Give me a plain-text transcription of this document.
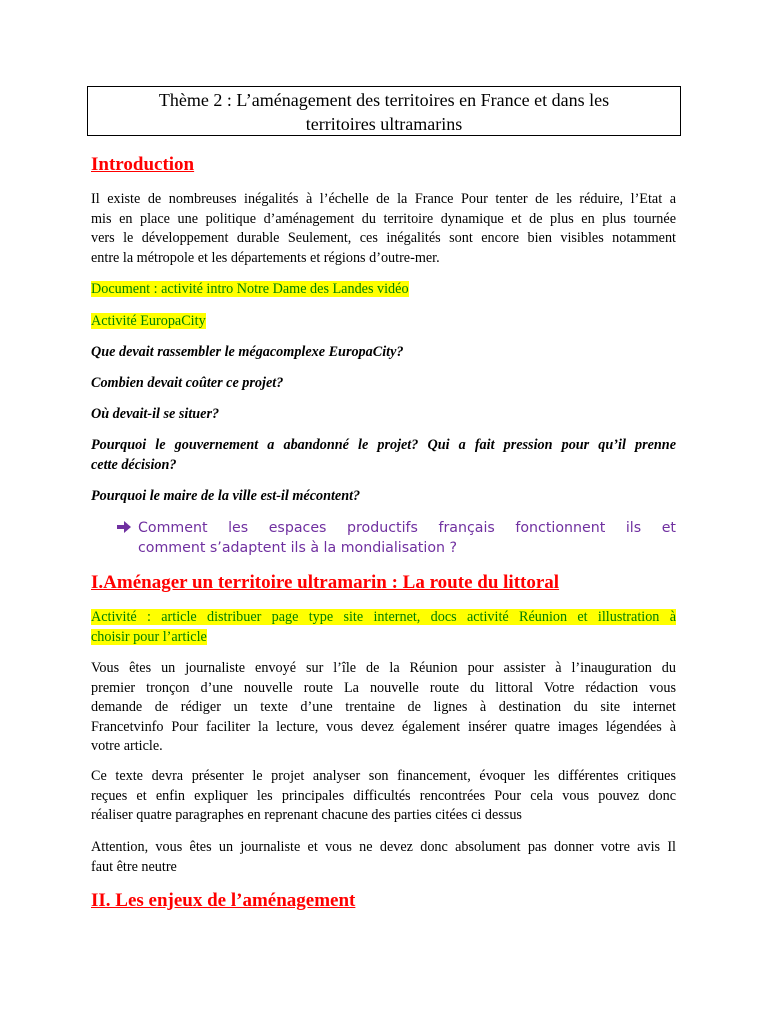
Thème 2 : L’aménagement des territoires en France et dans les
territoires ultramarins
Introduction
Il existe de nombreuses inégalités à l’échelle de la France Pour tenter de les réduire, l’Etat a
mis en place une politique d’aménagement du territoire dynamique et de plus en plus tournée
vers le développement durable Seulement, ces inégalités sont encore bien visibles notamment
entre la métropole et les départements et régions d’outre-mer.
Document : activité intro Notre Dame des Landes vidéo
Activité EuropaCity
Que devait rassembler le mégacomplexe EuropaCity?
Combien devait coûter ce projet?
Où devait-il se situer?
Pourquoi le gouvernement a abandonné le projet? Qui a fait pression pour qu’il prenne
cette décision?
Pourquoi le maire de la ville est-il mécontent?
Comment les espaces productifs français fonctionnent ils et
comment s’adaptent ils à la mondialisation ?
I.Aménager un territoire ultramarin : La route du littoral
Activité : article distribuer page type site internet, docs activité Réunion et illustration à
choisir pour l’article
Vous êtes un journaliste envoyé sur l’île de la Réunion pour assister à l’inauguration du
premier tronçon d’une nouvelle route La nouvelle route du littoral Votre rédaction vous
demande de rédiger un texte d’une trentaine de lignes à destination du site internet
Francetvinfo Pour faciliter la lecture, vous devez également insérer quatre images légendées à
votre article.
Ce texte devra présenter le projet analyser son financement, évoquer les différentes critiques
reçues et enfin expliquer les principales difficultés rencontrées Pour cela vous pouvez donc
réaliser quatre paragraphes en reprenant chacune des parties citées ci dessus
Attention, vous êtes un journaliste et vous ne devez donc absolument pas donner votre avis Il
faut être neutre
II. Les enjeux de l’aménagement
